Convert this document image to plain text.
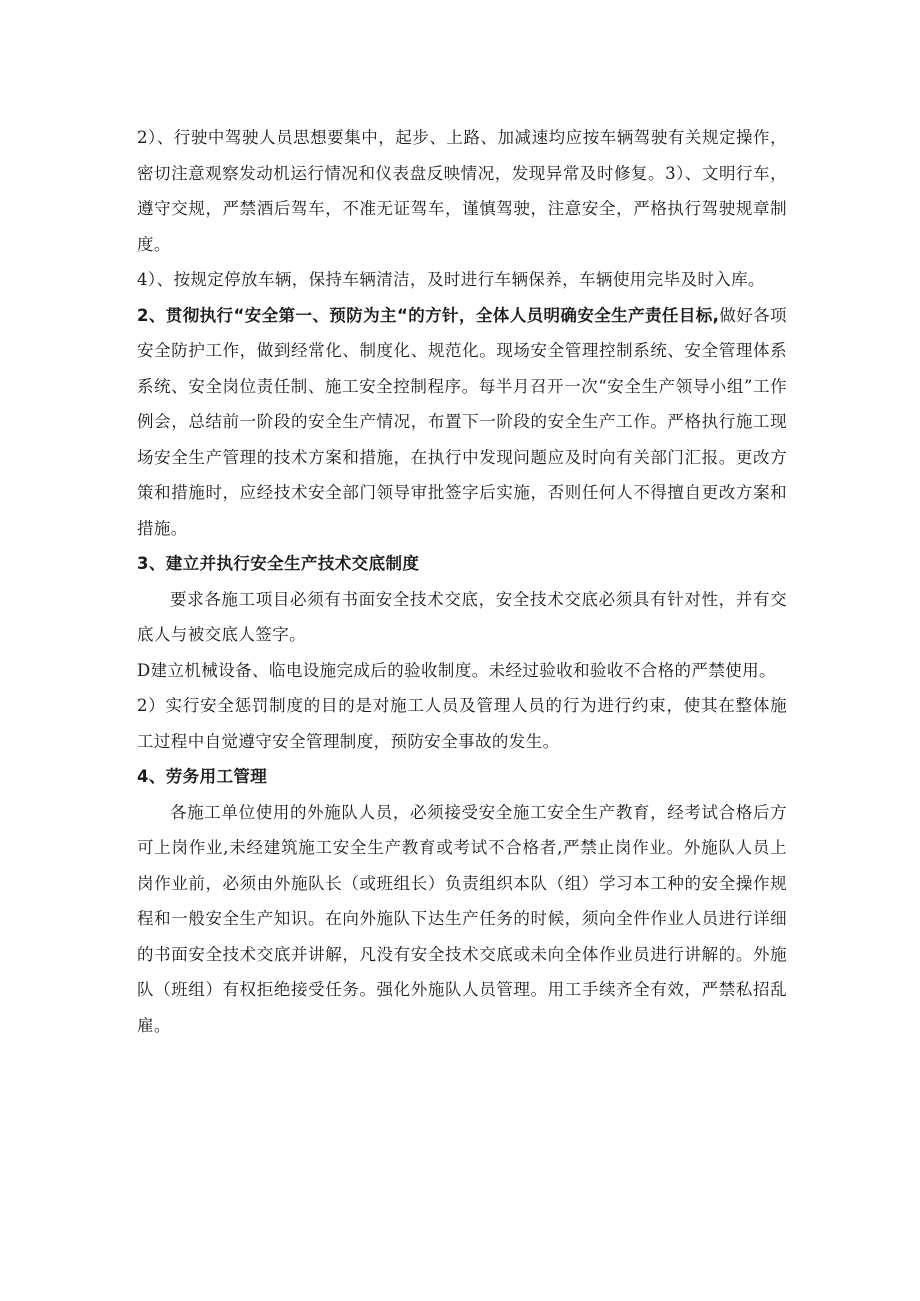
2）、行驶中驾驶人员思想要集中，起步、上路、加减速均应按车辆驾驶有关规定操作，密切注意观察发动机运行情况和仪表盘反映情况，发现异常及时修复。3）、文明行车，遵守交规，严禁酒后驾车，不准无证驾车，谨慎驾驶，注意安全，严格执行驾驶规章制度。

4）、按规定停放车辆，保持车辆清洁，及时进行车辆保养，车辆使用完毕及时入库。

2、贯彻执行“安全第一、预防为主“的方针，全体人员明确安全生产责任目标,做好各项安全防护工作，做到经常化、制度化、规范化。现场安全管理控制系统、安全管理体系系统、安全岗位责任制、施工安全控制程序。每半月召开一次“安全生产领导小组”工作例会，总结前一阶段的安全生产情况，布置下一阶段的安全生产工作。严格执行施工现场安全生产管理的技术方案和措施，在执行中发现问题应及时向有关部门汇报。更改方策和措施时，应经技术安全部门领导审批签字后实施，否则任何人不得擅自更改方案和措施。

3、建立并执行安全生产技术交底制度

要求各施工项目必须有书面安全技术交底，安全技术交底必须具有针对性，并有交底人与被交底人签字。

D建立机械设备、临电设施完成后的验收制度。未经过验收和验收不合格的严禁使用。

2）实行安全惩罚制度的目的是对施工人员及管理人员的行为进行约束，使其在整体施工过程中自觉遵守安全管理制度，预防安全事故的发生。

4、劳务用工管理

各施工单位使用的外施队人员，必须接受安全施工安全生产教育，经考试合格后方可上岗作业,未经建筑施工安全生产教育或考试不合格者,严禁止岗作业。外施队人员上岗作业前，必须由外施队长（或班组长）负责组织本队（组）学习本工种的安全操作规程和一般安全生产知识。在向外施队下达生产任务的时候，须向全件作业人员进行详细的书面安全技术交底并讲解，凡没有安全技术交底或未向全体作业员进行讲解的。外施队（班组）有权拒绝接受任务。强化外施队人员管理。用工手续齐全有效，严禁私招乱雇。
